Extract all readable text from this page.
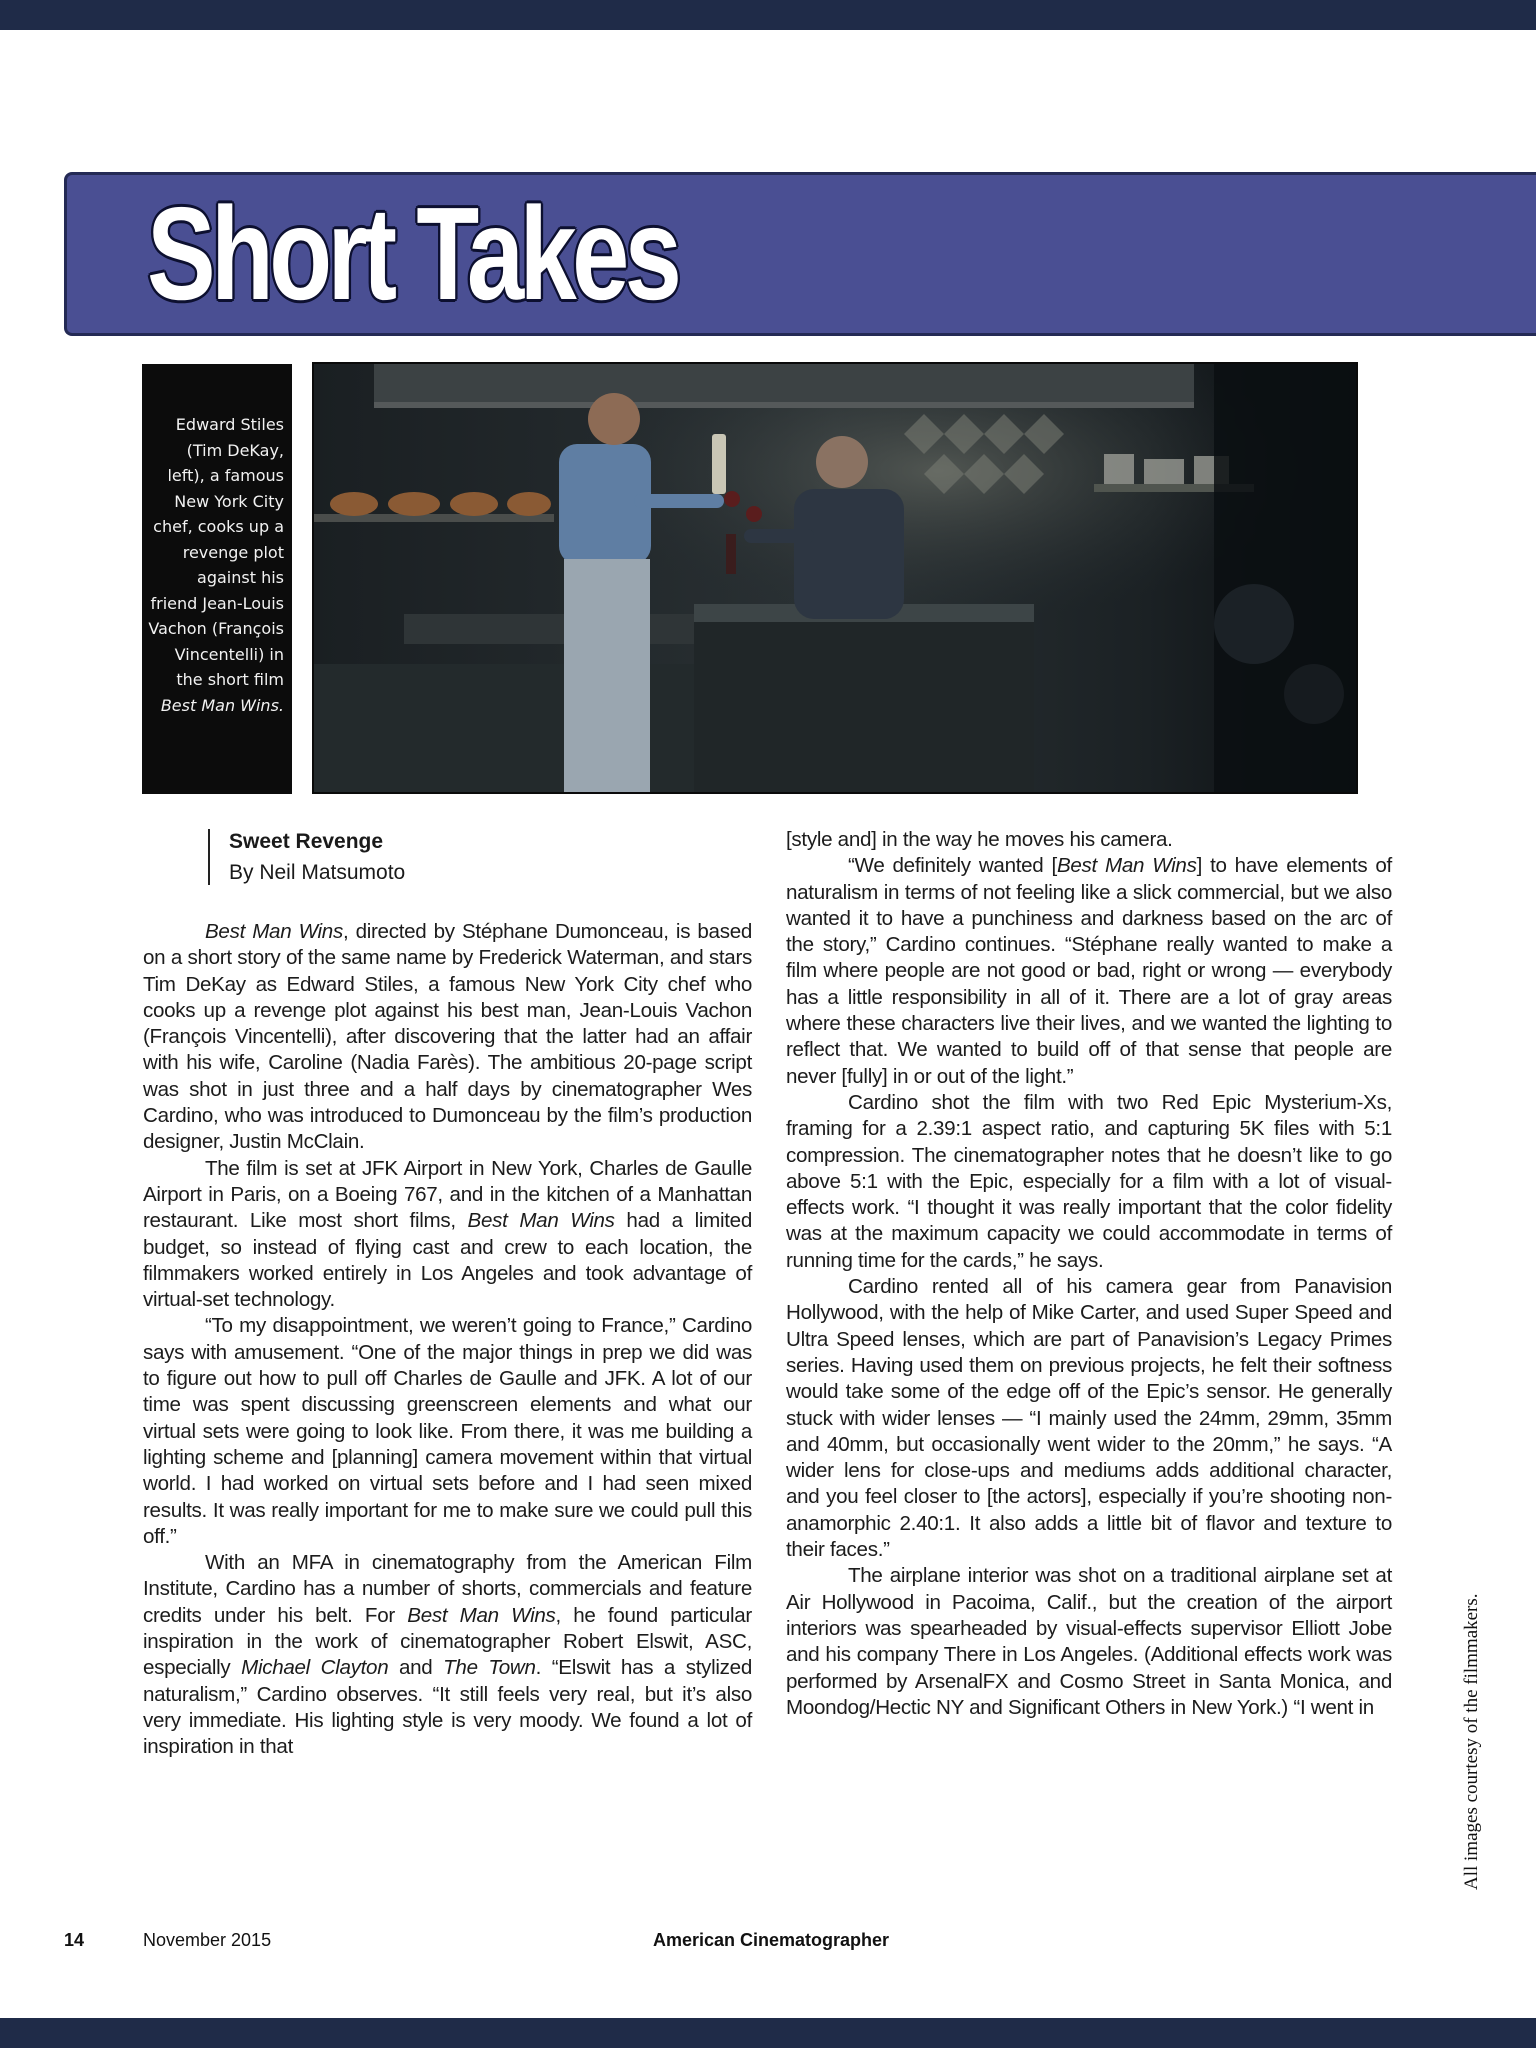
Short Takes
Edward Stiles (Tim DeKay, left), a famous New York City chef, cooks up a revenge plot against his friend Jean-Louis Vachon (François Vincentelli) in the short film Best Man Wins.
Sweet Revenge

By Neil Matsumoto

Best Man Wins, directed by Stéphane Dumonceau, is based on a short story of the same name by Frederick Waterman, and stars Tim DeKay as Edward Stiles, a famous New York City chef who cooks up a revenge plot against his best man, Jean-Louis Vachon (François Vincentelli), after discovering that the latter had an affair with his wife, Caroline (Nadia Farès). The ambitious 20-page script was shot in just three and a half days by cinematographer Wes Cardino, who was introduced to Dumonceau by the film’s production designer, Justin McClain.

The film is set at JFK Airport in New York, Charles de Gaulle Airport in Paris, on a Boeing 767, and in the kitchen of a Manhattan restaurant. Like most short films, Best Man Wins had a limited budget, so instead of flying cast and crew to each location, the filmmakers worked entirely in Los Angeles and took advantage of virtual-set technology.

“To my disappointment, we weren’t going to France,” Cardino says with amusement. “One of the major things in prep we did was to figure out how to pull off Charles de Gaulle and JFK. A lot of our time was spent discussing greenscreen elements and what our virtual sets were going to look like. From there, it was me building a lighting scheme and [planning] camera movement within that virtual world. I had worked on virtual sets before and I had seen mixed results. It was really important for me to make sure we could pull this off.”

With an MFA in cinematography from the American Film Institute, Cardino has a number of shorts, commercials and feature credits under his belt. For Best Man Wins, he found particular inspiration in the work of cinematographer Robert Elswit, ASC, especially Michael Clayton and The Town. “Elswit has a stylized naturalism,” Cardino observes. “It still feels very real, but it’s also very immediate. His lighting style is very moody. We found a lot of inspiration in that

[style and] in the way he moves his camera.

“We definitely wanted [Best Man Wins] to have elements of naturalism in terms of not feeling like a slick commercial, but we also wanted it to have a punchiness and darkness based on the arc of the story,” Cardino continues. “Stéphane really wanted to make a film where people are not good or bad, right or wrong — everybody has a little responsibility in all of it. There are a lot of gray areas where these characters live their lives, and we wanted the lighting to reflect that. We wanted to build off of that sense that people are never [fully] in or out of the light.”

Cardino shot the film with two Red Epic Mysterium-Xs, framing for a 2.39:1 aspect ratio, and capturing 5K files with 5:1 compression. The cinematographer notes that he doesn’t like to go above 5:1 with the Epic, especially for a film with a lot of visual-effects work. “I thought it was really important that the color fidelity was at the maximum capacity we could accommodate in terms of running time for the cards,” he says.

Cardino rented all of his camera gear from Panavision Hollywood, with the help of Mike Carter, and used Super Speed and Ultra Speed lenses, which are part of Panavision’s Legacy Primes series. Having used them on previous projects, he felt their softness would take some of the edge off of the Epic’s sensor. He generally stuck with wider lenses — “I mainly used the 24mm, 29mm, 35mm and 40mm, but occasionally went wider to the 20mm,” he says. “A wider lens for close-ups and mediums adds additional character, and you feel closer to [the actors], especially if you’re shooting non-anamorphic 2.40:1. It also adds a little bit of flavor and texture to their faces.”

The airplane interior was shot on a traditional airplane set at Air Hollywood in Pacoima, Calif., but the creation of the airport interiors was spearheaded by visual-effects supervisor Elliott Jobe and his company There in Los Angeles. (Additional effects work was performed by ArsenalFX and Cosmo Street in Santa Monica, and Moondog/Hectic NY and Significant Others in New York.) “I went in	All images courtesy of the filmmakers.
14	November 2015	American Cinematographer
